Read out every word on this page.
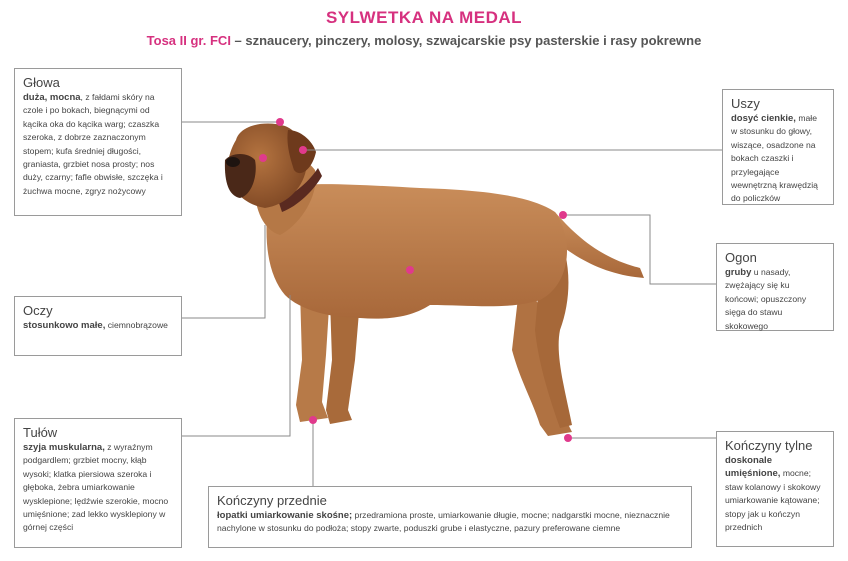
SYLWETKA NA MEDAL
Tosa II gr. FCI – sznaucery, pinczery, molosy, szwajcarskie psy pasterskie i rasy pokrewne
Głowa
duża, mocna, z fałdami skóry na czole i po bokach, biegnącymi od kącika oka do kącika warg; czaszka szeroka, z dobrze zaznaczonym stopem; kufa średniej długości, graniasta, grzbiet nosa prosty; nos duży, czarny; fafle obwisłe, szczęka i żuchwa mocne, zgryz nożycowy
Oczy
stosunkowo małe, ciemnobrązowe
Tułów
szyja muskularna, z wyraźnym podgardlem; grzbiet mocny, kłąb wysoki; klatka piersiowa szeroka i głęboka, żebra umiarkowanie wysklepione; lędźwie szerokie, mocno umięśnione; zad lekko wysklepiony w górnej części
Kończyny przednie
łopatki umiarkowanie skośne; przedramiona proste, umiarkowanie długie, mocne; nadgarstki mocne, nieznacznie nachylone w stosunku do podłoża; stopy zwarte, poduszki grube i elastyczne, pazury preferowane ciemne
Uszy
dosyć cienkie, małe w stosunku do głowy, wiszące, osadzone na bokach czaszki i przylegające wewnętrzną krawędzią do policzków
Ogon
gruby u nasady, zwężający się ku końcowi; opuszczony sięga do stawu skokowego
Kończyny tylne
doskonale umięśnione, mocne; staw kolanowy i skokowy umiarkowanie kątowane; stopy jak u kończyn przednich
